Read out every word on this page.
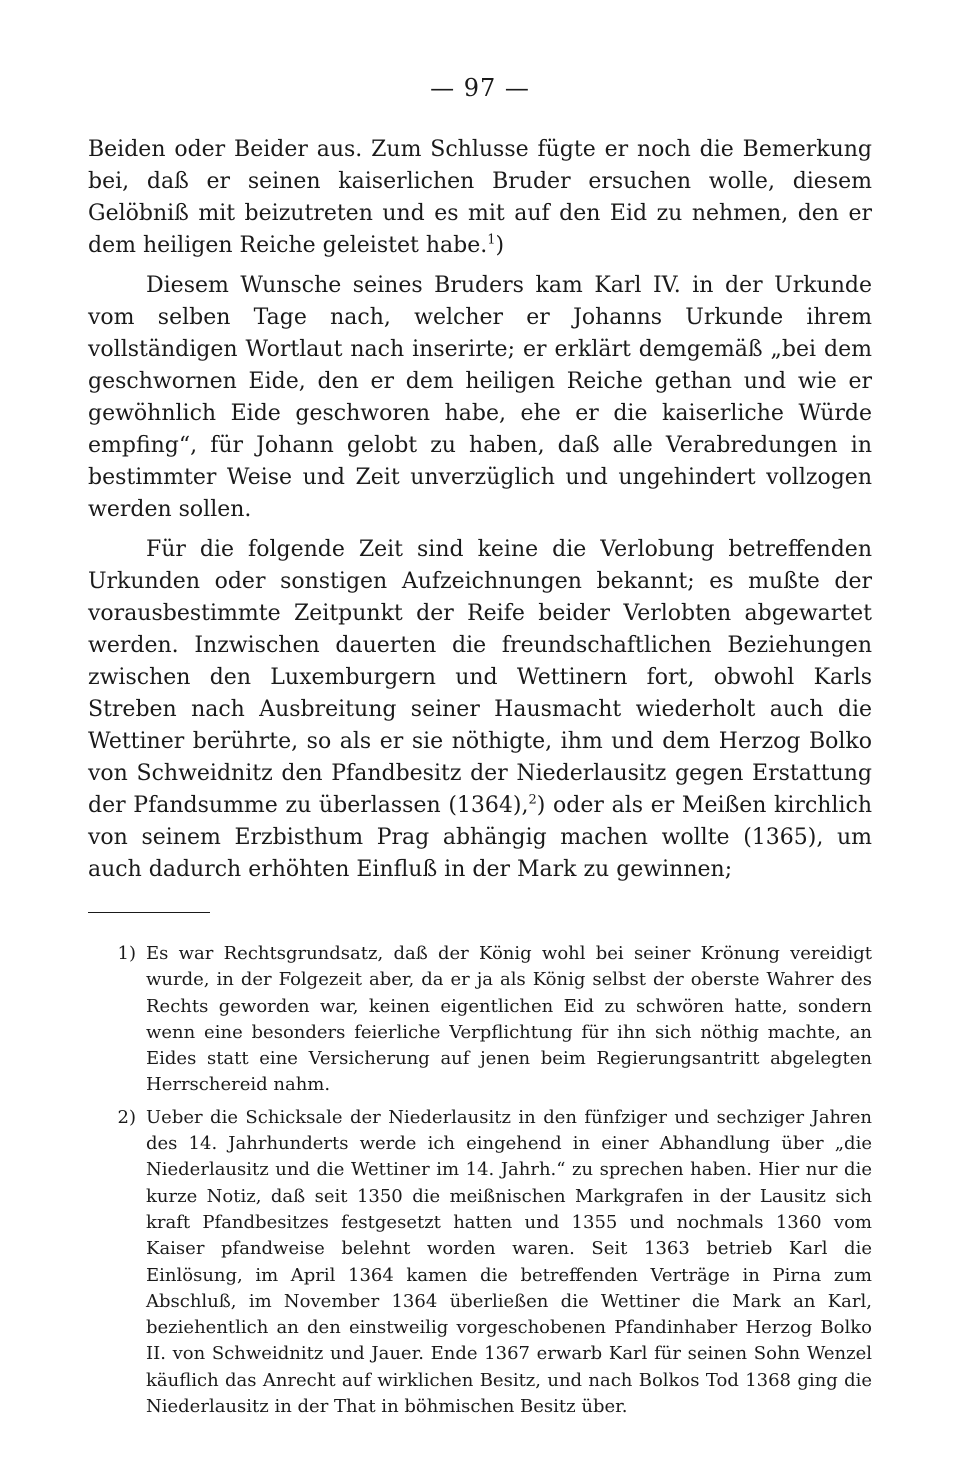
— 97 —

Beiden oder Beider aus. Zum Schlusse fügte er noch die Bemerkung bei, daß er seinen kaiserlichen Bruder ersuchen wolle, diesem Gelöbniß mit beizutreten und es mit auf den Eid zu nehmen, den er dem heiligen Reiche geleistet habe.$^1$)

Diesem Wunsche seines Bruders kam Karl IV. in der Urkunde vom selben Tage nach, welcher er Johanns Urkunde ihrem vollständigen Wortlaut nach inserirte; er erklärt demgemäß „bei dem geschwornen Eide, den er dem heiligen Reiche gethan und wie er gewöhnlich Eide geschworen habe, ehe er die kaiserliche Würde empfing“, für Johann gelobt zu haben, daß alle Verabredungen in bestimmter Weise und Zeit unverzüglich und ungehindert vollzogen werden sollen.

Für die folgende Zeit sind keine die Verlobung betreffenden Urkunden oder sonstigen Aufzeichnungen bekannt; es mußte der vorausbestimmte Zeitpunkt der Reife beider Verlobten abgewartet werden. Inzwischen dauerten die freundschaftlichen Beziehungen zwischen den Luxemburgern und Wettinern fort, obwohl Karls Streben nach Ausbreitung seiner Hausmacht wiederholt auch die Wettiner berührte, so als er sie nöthigte, ihm und dem Herzog Bolko von Schweidnitz den Pfandbesitz der Niederlausitz gegen Erstattung der Pfandsumme zu überlassen (1364),$^2$) oder als er Meißen kirchlich von seinem Erzbisthum Prag abhängig machen wollte (1365), um auch dadurch erhöhten Einfluß in der Mark zu gewinnen;

1) Es war Rechtsgrundsatz, daß der König wohl bei seiner Krönung vereidigt wurde, in der Folgezeit aber, da er ja als König selbst der oberste Wahrer des Rechts geworden war, keinen eigentlichen Eid zu schwören hatte, sondern wenn eine besonders feierliche Verpflichtung für ihn sich nöthig machte, an Eides statt eine Versicherung auf jenen beim Regierungsantritt abgelegten Herrschereid nahm.
2) Ueber die Schicksale der Niederlausitz in den fünfziger und sechziger Jahren des 14. Jahrhunderts werde ich eingehend in einer Abhandlung über „die Niederlausitz und die Wettiner im 14. Jahrh.“ zu sprechen haben. Hier nur die kurze Notiz, daß seit 1350 die meißnischen Markgrafen in der Lausitz sich kraft Pfandbesitzes festgesetzt hatten und 1355 und nochmals 1360 vom Kaiser pfandweise belehnt worden waren. Seit 1363 betrieb Karl die Einlösung, im April 1364 kamen die betreffenden Verträge in Pirna zum Abschluß, im November 1364 überließen die Wettiner die Mark an Karl, beziehentlich an den einstweilig vorgeschobenen Pfandinhaber Herzog Bolko II. von Schweidnitz und Jauer. Ende 1367 erwarb Karl für seinen Sohn Wenzel käuflich das Anrecht auf wirklichen Besitz, und nach Bolkos Tod 1368 ging die Niederlausitz in der That in böhmischen Besitz über.
